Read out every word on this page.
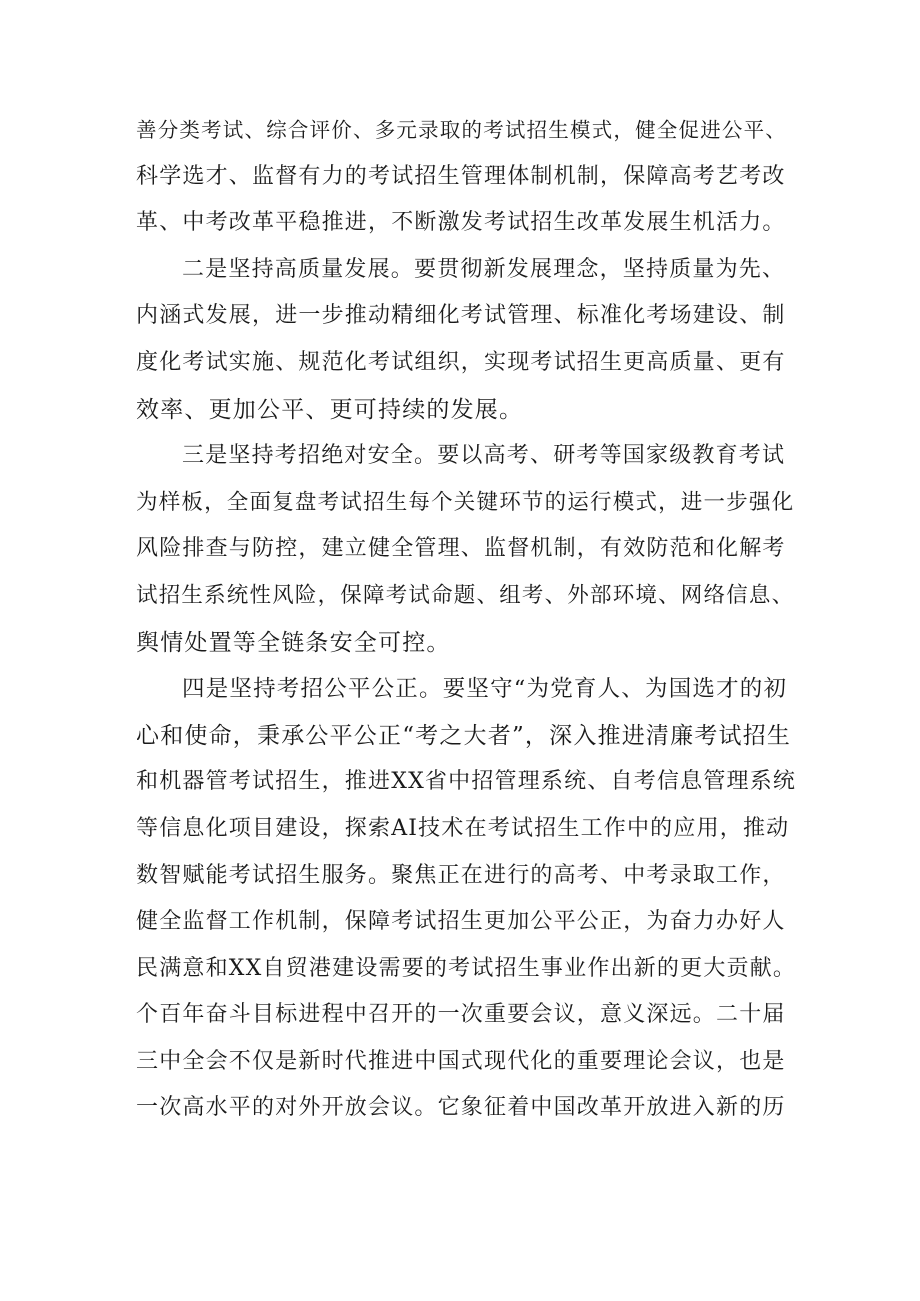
善分类考试、综合评价、多元录取的考试招生模式，健全促进公平、
科学选才、监督有力的考试招生管理体制机制，保障高考艺考改
革、中考改革平稳推进，不断激发考试招生改革发展生机活力。
二是坚持高质量发展。要贯彻新发展理念，坚持质量为先、
内涵式发展，进一步推动精细化考试管理、标准化考场建设、制
度化考试实施、规范化考试组织，实现考试招生更高质量、更有
效率、更加公平、更可持续的发展。
三是坚持考招绝对安全。要以高考、研考等国家级教育考试
为样板，全面复盘考试招生每个关键环节的运行模式，进一步强化
风险排查与防控，建立健全管理、监督机制，有效防范和化解考
试招生系统性风险，保障考试命题、组考、外部环境、网络信息、
舆情处置等全链条安全可控。
四是坚持考招公平公正。要坚守“为党育人、为国选才的初
心和使命，秉承公平公正“考之大者”，深入推进清廉考试招生
和机器管考试招生，推进XX省中招管理系统、自考信息管理系统
等信息化项目建设，探索AI技术在考试招生工作中的应用，推动
数智赋能考试招生服务。聚焦正在进行的高考、中考录取工作，
健全监督工作机制，保障考试招生更加公平公正，为奋力办好人
民满意和XX自贸港建设需要的考试招生事业作出新的更大贡献。
个百年奋斗目标进程中召开的一次重要会议，意义深远。二十届
三中全会不仅是新时代推进中国式现代化的重要理论会议，也是
一次高水平的对外开放会议。它象征着中国改革开放进入新的历
